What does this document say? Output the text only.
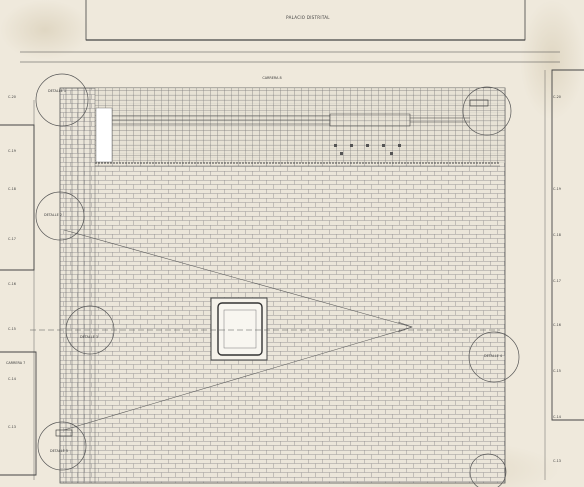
PALACIO DISTRITAL
CARRERA 8
CARRERA 7
C-20
C-19
C-18
C-17
C-16
C-15
C-14
C-13
C-20
C-19
C-18
C-17
C-16
C-15
C-14
C-13
DETALLE 1
DETALLE 2
DETALLE 3
DETALLE 4
DETALLE 5
